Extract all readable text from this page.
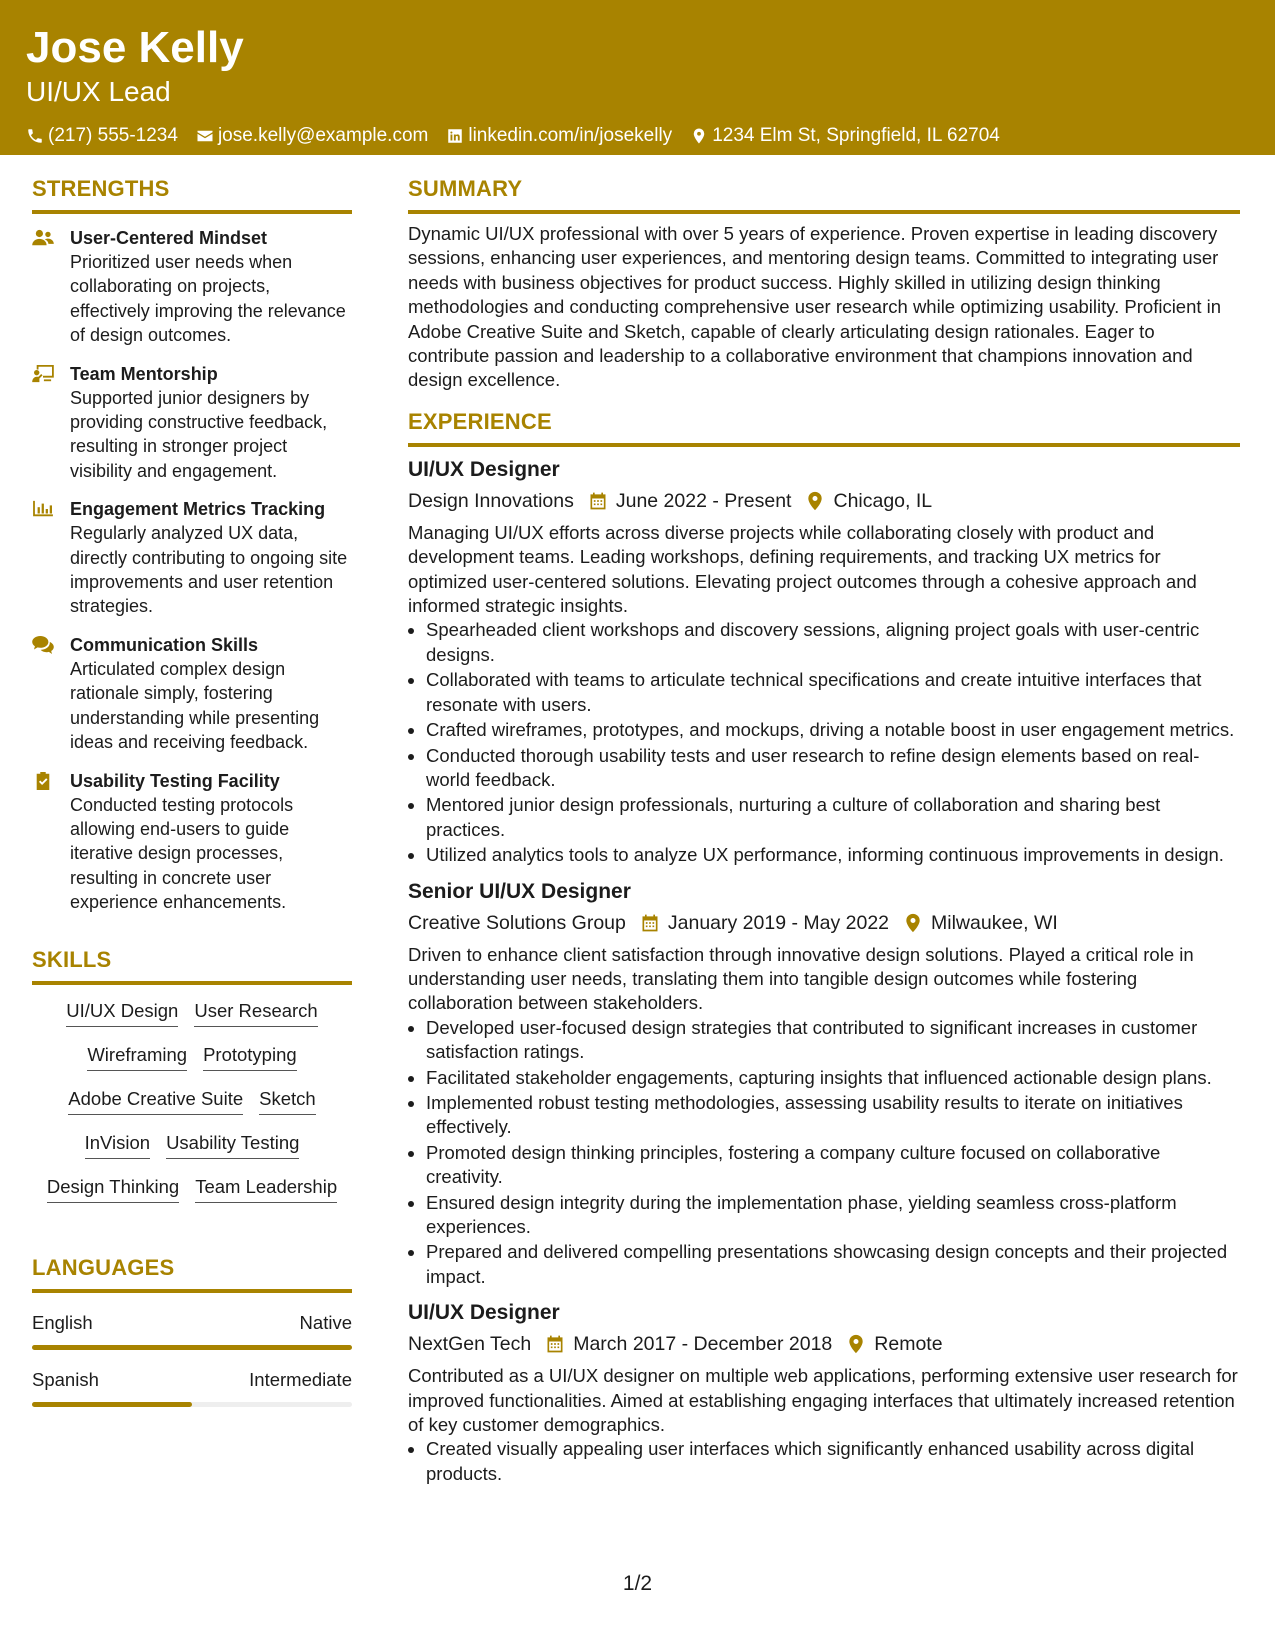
Jose Kelly
UI/UX Lead
(217) 555-1234 jose.kelly@example.com linkedin.com/in/josekelly 1234 Elm St, Springfield, IL 62704
STRENGTHS
User-Centered Mindset
Prioritized user needs when collaborating on projects, effectively improving the relevance of design outcomes.
Team Mentorship
Supported junior designers by providing constructive feedback, resulting in stronger project visibility and engagement.
Engagement Metrics Tracking
Regularly analyzed UX data, directly contributing to ongoing site improvements and user retention strategies.
Communication Skills
Articulated complex design rationale simply, fostering understanding while presenting ideas and receiving feedback.
Usability Testing Facility
Conducted testing protocols allowing end-users to guide iterative design processes, resulting in concrete user experience enhancements.
SKILLS
UI/UX Design User Research
Wireframing Prototyping
Adobe Creative Suite Sketch
InVision Usability Testing
Design Thinking Team Leadership
LANGUAGES
English	Native
Spanish	Intermediate
SUMMARY
Dynamic UI/UX professional with over 5 years of experience. Proven expertise in leading discovery sessions, enhancing user experiences, and mentoring design teams. Committed to integrating user needs with business objectives for product success. Highly skilled in utilizing design thinking methodologies and conducting comprehensive user research while optimizing usability. Proficient in Adobe Creative Suite and Sketch, capable of clearly articulating design rationales. Eager to contribute passion and leadership to a collaborative environment that champions innovation and design excellence.
EXPERIENCE
UI/UX Designer
Design Innovations June 2022 - Present Chicago, IL
Managing UI/UX efforts across diverse projects while collaborating closely with product and development teams. Leading workshops, defining requirements, and tracking UX metrics for optimized user-centered solutions. Elevating project outcomes through a cohesive approach and informed strategic insights.
• Spearheaded client workshops and discovery sessions, aligning project goals with user-centric designs.
• Collaborated with teams to articulate technical specifications and create intuitive interfaces that resonate with users.
• Crafted wireframes, prototypes, and mockups, driving a notable boost in user engagement metrics.
• Conducted thorough usability tests and user research to refine design elements based on real-world feedback.
• Mentored junior design professionals, nurturing a culture of collaboration and sharing best practices.
• Utilized analytics tools to analyze UX performance, informing continuous improvements in design.
Senior UI/UX Designer
Creative Solutions Group January 2019 - May 2022 Milwaukee, WI
Driven to enhance client satisfaction through innovative design solutions. Played a critical role in understanding user needs, translating them into tangible design outcomes while fostering collaboration between stakeholders.
• Developed user-focused design strategies that contributed to significant increases in customer satisfaction ratings.
• Facilitated stakeholder engagements, capturing insights that influenced actionable design plans.
• Implemented robust testing methodologies, assessing usability results to iterate on initiatives effectively.
• Promoted design thinking principles, fostering a company culture focused on collaborative creativity.
• Ensured design integrity during the implementation phase, yielding seamless cross-platform experiences.
• Prepared and delivered compelling presentations showcasing design concepts and their projected impact.
UI/UX Designer
NextGen Tech March 2017 - December 2018 Remote
Contributed as a UI/UX designer on multiple web applications, performing extensive user research for improved functionalities. Aimed at establishing engaging interfaces that ultimately increased retention of key customer demographics.
• Created visually appealing user interfaces which significantly enhanced usability across digital products.
1/2
